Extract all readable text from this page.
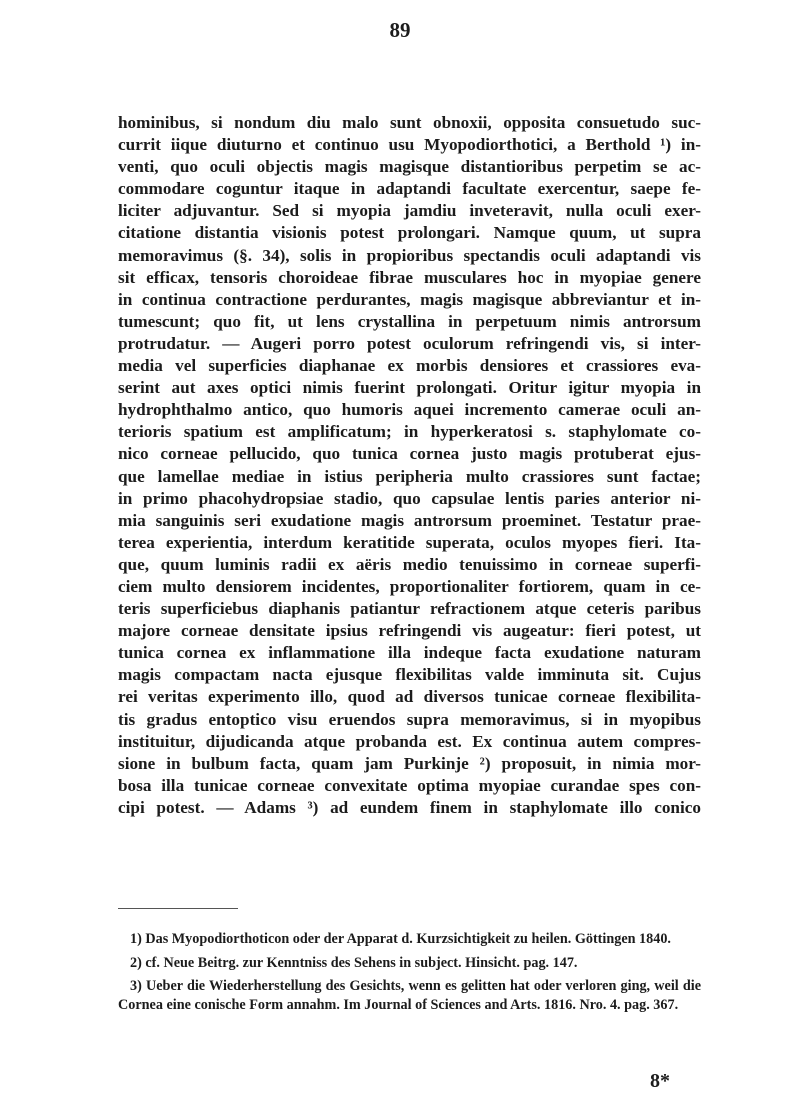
89
hominibus, si nondum diu malo sunt obnoxii, opposita consuetudo suc-
currit iique diuturno et continuo usu Myopodiorthotici, a Berthold ¹) in-
venti, quo oculi objectis magis magisque distantioribus perpetim se ac-
commodare coguntur itaque in adaptandi facultate exercentur, saepe fe-
liciter adjuvantur. Sed si myopia jamdiu inveteravit, nulla oculi exer-
citatione distantia visionis potest prolongari. Namque quum, ut supra
memoravimus (§. 34), solis in propioribus spectandis oculi adaptandi vis
sit efficax, tensoris choroideae fibrae musculares hoc in myopiae genere
in continua contractione perdurantes, magis magisque abbreviantur et in-
tumescunt; quo fit, ut lens crystallina in perpetuum nimis antrorsum
protrudatur. — Augeri porro potest oculorum refringendi vis, si inter-
media vel superficies diaphanae ex morbis densiores et crassiores eva-
serint aut axes optici nimis fuerint prolongati. Oritur igitur myopia in
hydrophthalmo antico, quo humoris aquei incremento camerae oculi an-
terioris spatium est amplificatum; in hyperkeratosi s. staphylomate co-
nico corneae pellucido, quo tunica cornea justo magis protuberat ejus-
que lamellae mediae in istius peripheria multo crassiores sunt factae;
in primo phacohydropsiae stadio, quo capsulae lentis paries anterior ni-
mia sanguinis seri exudatione magis antrorsum proeminet. Testatur prae-
terea experientia, interdum keratitide superata, oculos myopes fieri. Ita-
que, quum luminis radii ex aëris medio tenuissimo in corneae superfi-
ciem multo densiorem incidentes, proportionaliter fortiorem, quam in ce-
teris superficiebus diaphanis patiantur refractionem atque ceteris paribus
majore corneae densitate ipsius refringendi vis augeatur: fieri potest, ut
tunica cornea ex inflammatione illa indeque facta exudatione naturam
magis compactam nacta ejusque flexibilitas valde imminuta sit. Cujus
rei veritas experimento illo, quod ad diversos tunicae corneae flexibilita-
tis gradus entoptico visu eruendos supra memoravimus, si in myopibus
instituitur, dijudicanda atque probanda est. Ex continua autem compres-
sione in bulbum facta, quam jam Purkinje ²) proposuit, in nimia mor-
bosa illa tunicae corneae convexitate optima myopiae curandae spes con-
cipi potest. — Adams ³) ad eundem finem in staphylomate illo conico
1) Das Myopodiorthoticon oder der Apparat d. Kurzsichtigkeit zu heilen. Göttingen 1840.
2) cf. Neue Beitrg. zur Kenntniss des Sehens in subject. Hinsicht. pag. 147.
3) Ueber die Wiederherstellung des Gesichts, wenn es gelitten hat oder verloren ging, weil die Cornea eine conische Form annahm. Im Journal of Sciences and Arts. 1816. Nro. 4. pag. 367.
8*
